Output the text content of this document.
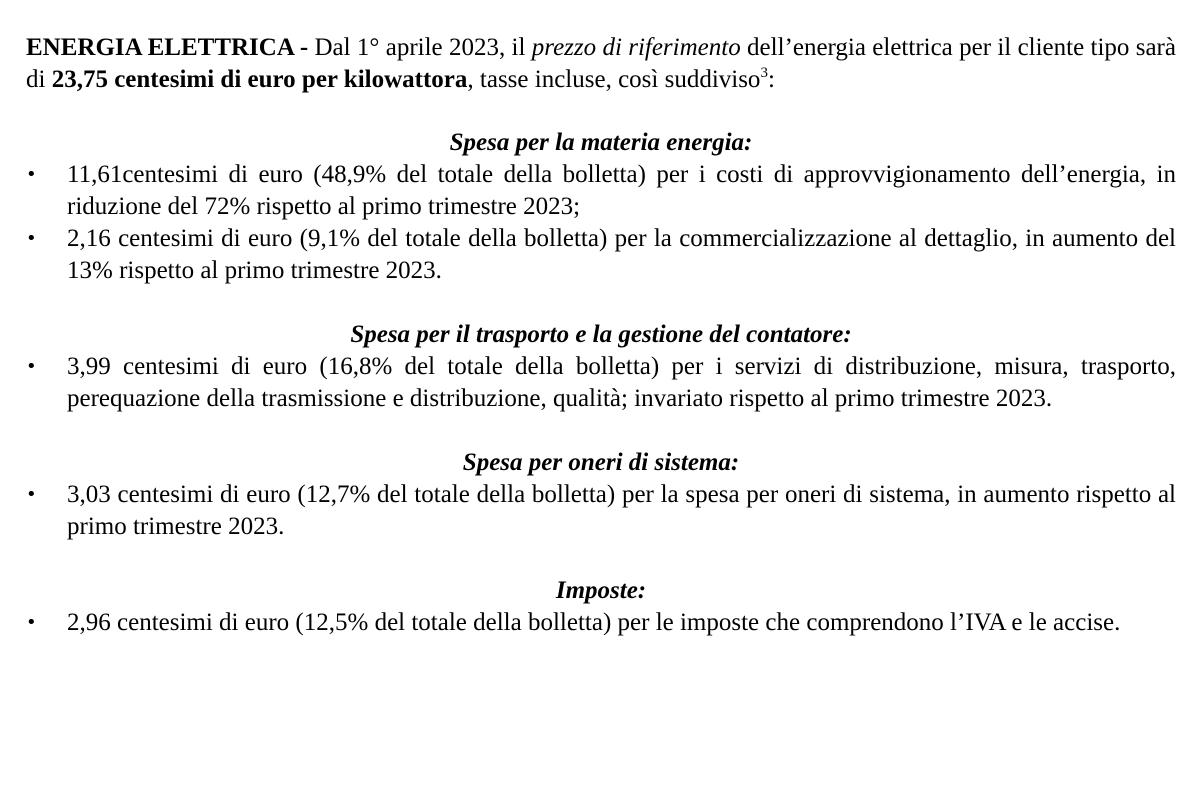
ENERGIA ELETTRICA - Dal 1° aprile 2023, il prezzo di riferimento dell’energia elettrica per il cliente tipo sarà di 23,75 centesimi di euro per kilowattora, tasse incluse, così suddiviso$^3$:

Spesa per la materia energia:

•	11,61centesimi di euro (48,9% del totale della bolletta) per i costi di approvvigionamento dell’energia, in riduzione del 72% rispetto al primo trimestre 2023;
•	2,16 centesimi di euro (9,1% del totale della bolletta) per la commercializzazione al dettaglio, in aumento del 13% rispetto al primo trimestre 2023.

Spesa per il trasporto e la gestione del contatore:

•	3,99 centesimi di euro (16,8% del totale della bolletta) per i servizi di distribuzione, misura, trasporto, perequazione della trasmissione e distribuzione, qualità; invariato rispetto al primo trimestre 2023.

Spesa per oneri di sistema:

•	3,03 centesimi di euro (12,7% del totale della bolletta) per la spesa per oneri di sistema, in aumento rispetto al primo trimestre 2023.

Imposte:

•	2,96 centesimi di euro (12,5% del totale della bolletta) per le imposte che comprendono l’IVA e le accise.
